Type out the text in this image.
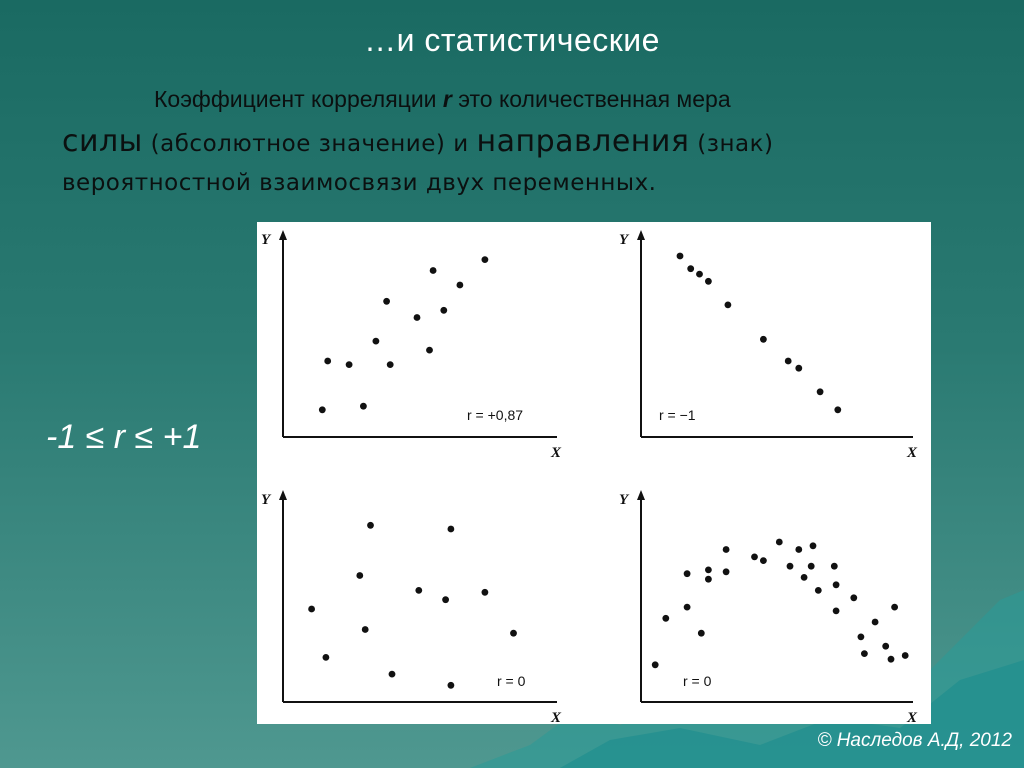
…и статистические
Коэффициент корреляции r это количественная мера
силы (абсолютное значение) и направления (знак)
вероятностной взаимосвязи двух переменных.
-1 ≤ r ≤ +1
Y
X
r = +0,87
Y
X
r = −1
Y
X
r = 0
Y
X
r = 0
© Наследов А.Д, 2012
